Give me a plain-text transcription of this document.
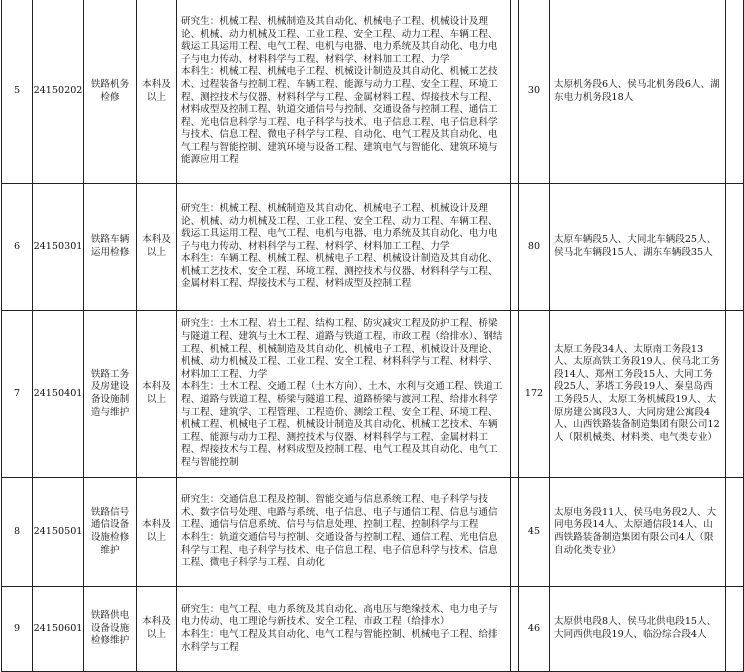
5	24150202	铁路机务检修	本科及以上	研究生：机械工程、机械制造及其自动化、机械电子工程、机械设计及理论、机械、动力机械及工程、工业工程、安全工程、动力工程、车辆工程、载运工具运用工程、电气工程、电机与电器、电力系统及其自动化、电力电子与电力传动、材料科学与工程、材料学、材料加工工程、力学
本科生：机械工程、机械电子工程、机械设计制造及其自动化、机械工艺技术、过程装备与控制工程、车辆工程、能源与动力工程、安全工程、环境工程、测控技术与仪器、材料科学与工程、金属材料工程、焊接技术与工程、材料成型及控制工程、轨道交通信号与控制、交通设备与控制工程、通信工程、光电信息科学与工程、电子科学与技术、电子信息工程、电子信息科学与技术、信息工程、微电子科学与工程、自动化、电气工程及其自动化、电气工程与智能控制、建筑环境与设备工程、建筑电气与智能化、建筑环境与能源应用工程		30	太原机务段6人、侯马北机务段6人、湖东电力机务段18人	
6	24150301	铁路车辆运用检修	本科及以上	研究生：机械工程、机械制造及其自动化、机械电子工程、机械设计及理论、机械、动力机械及工程、工业工程、安全工程、动力工程、车辆工程、载运工具运用工程、电气工程、电机与电器、电力系统及其自动化、电力电子与电力传动、材料科学与工程、材料学、材料加工工程、力学
本科生：车辆工程、机械工程、机械电子工程、机械设计制造及其自动化、机械工艺技术、安全工程、环境工程、测控技术与仪器、材料科学与工程、金属材料工程、焊接技术与工程、材料成型及控制工程		80	太原车辆段5人、大同北车辆段25人、侯马北车辆段15人、湖东车辆段35人	
7	24150401	铁路工务及房建设备设施制造与维护	本科及以上	研究生：土木工程、岩土工程、结构工程、防灾减灾工程及防护工程、桥梁与隧道工程、建筑与土木工程、道路与铁道工程、市政工程（给排水）、钢结工程、机械工程、机械制造及其自动化、机械电子工程、机械设计及理论、机械、动力机械及工程、工业工程、安全工程、材料科学与工程、材料学、材料加工工程、力学
本科生：土木工程、交通工程（土木方向）、土木、水利与交通工程、铁道工程、道路与铁道工程、桥梁与隧道工程、道路桥梁与渡河工程、给排水科学与工程、建筑学、工程管理、工程造价、测绘工程、安全工程、环境工程、机械工程、机械电子工程、机械设计制造及其自动化、机械工艺技术、车辆工程、能源与动力工程、测控技术与仪器、材料科学与工程、金属材料工程、焊接技术与工程、材料成型及控制工程、电气工程及其自动化、电气工程与智能控制		172	太原工务段34人、太原南工务段13人、太原高铁工务段19人、侯马北工务段14人、郑州工务段15人、大同工务段25人、茅塔工务段19人、秦皇岛西工务段5人、太原工务机械段19人、太原房建公寓段3人、大同房建公寓段4人、山西铁路装备制造集团有限公司12人（限机械类、材料类、电气类专业）	
8	24150501	铁路信号通信设备设施检修维护	本科及以上	研究生：交通信息工程及控制、智能交通与信息系统工程、电子科学与技术、数字信号处理、电路与系统、电子信息、电子与通信工程、信息与通信工程、通信与信息系统、信号与信息处理、控制工程、控制科学与工程
本科生：轨道交通信号与控制、交通设备与控制工程、通信工程、光电信息科学与工程、电子科学与技术、电子信息工程、电子信息科学与技术、信息工程、微电子科学与工程、自动化		45	太原电务段11人、侯马电务段2人、大同电务段14人、太原通信段14人、山西铁路装备制造集团有限公司4人（限自动化类专业）	
9	24150601	铁路供电设备设施检修维护	本科及以上	研究生：电气工程、电力系统及其自动化、高电压与绝缘技术、电力电子与电力传动、电工理论与新技术、安全工程、市政工程（给排水）
本科生：电气工程及其自动化、电气工程与智能控制、机械电子工程、给排水科学与工程		46	太原供电段8人、侯马北供电段15人、大同西供电段19人、临汾综合段4人	
